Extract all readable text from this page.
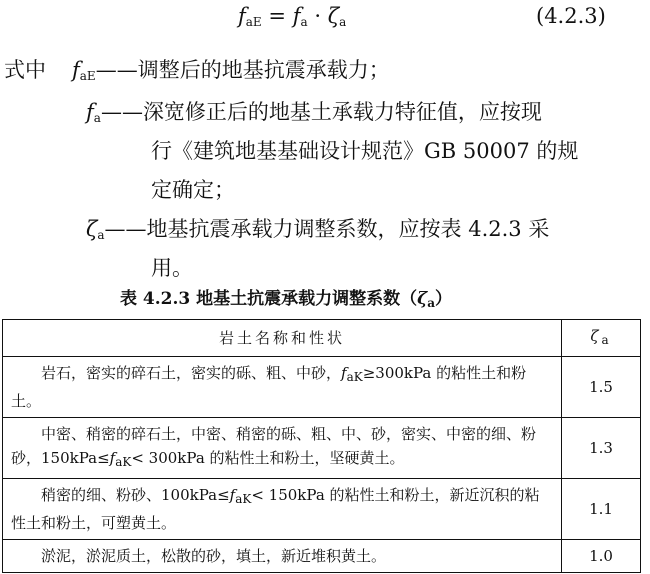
$f_{aE} = f_a \cdot \zeta_a$	(4.2.3)
式中 $f_{aE}——$调整后的地基抗震承载力；
$f_a——$深宽修正后的地基土承载力特征值，应按现
行《建筑地基基础设计规范》GB 50007 的规
定确定；
$\zeta_a——$地基抗震承载力调整系数，应按表 4.2.3 采
用。
表 4.2.3 地基土抗震承载力调整系数$(\zeta_a)$
岩土名称和性状	$\zeta_a$
岩石，密实的碎石土，密实的砾、粗、中砂，$f_{aK}\ge 300kPa$ 的粘性土和粉土。	1.5
中密、稍密的碎石土，中密、稍密的砾、粗、中、砂，密实、中密的细、粉砂，$150kPa\le f_{aK}< 300kPa$ 的粘性土和粉土，坚硬黄土。	1.3
稍密的细、粉砂、$100kPa\le f_{aK}< 150kPa$ 的粘性土和粉土，新近沉积的粘性土和粉土，可塑黄土。	1.1
淤泥，淤泥质土，松散的砂，填土，新近堆积黄土。	1.0
